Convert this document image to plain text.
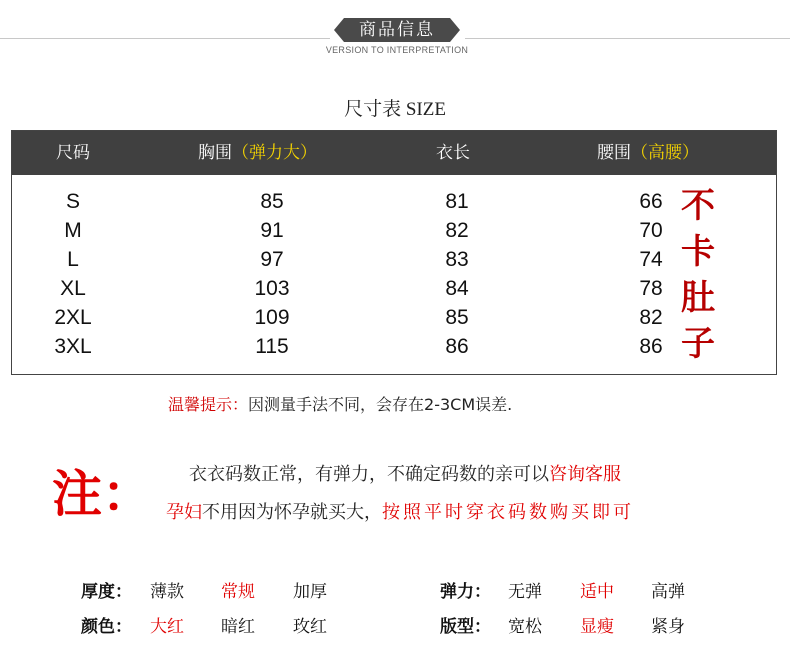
商品信息
VERSION TO INTERPRETATION
尺寸表 SIZE
尺码	胸围（弹力大）	衣长	腰围（高腰）
S	85	81	66
M	91	82	70
L	97	83	74
XL	103	84	78
2XL	109	85	82
3XL	115	86	86
不
卡
肚
子
温馨提示：因测量手法不同，会存在2-3CM误差.
注： 衣衣码数正常，有弹力，不确定码数的亲可以咨询客服
孕妇不用因为怀孕就买大，按照平时穿衣码数购买即可
厚度： 薄款 常规 加厚
颜色： 大红 暗红 玫红
弹力： 无弹 适中 高弹
版型： 宽松 显瘦 紧身
